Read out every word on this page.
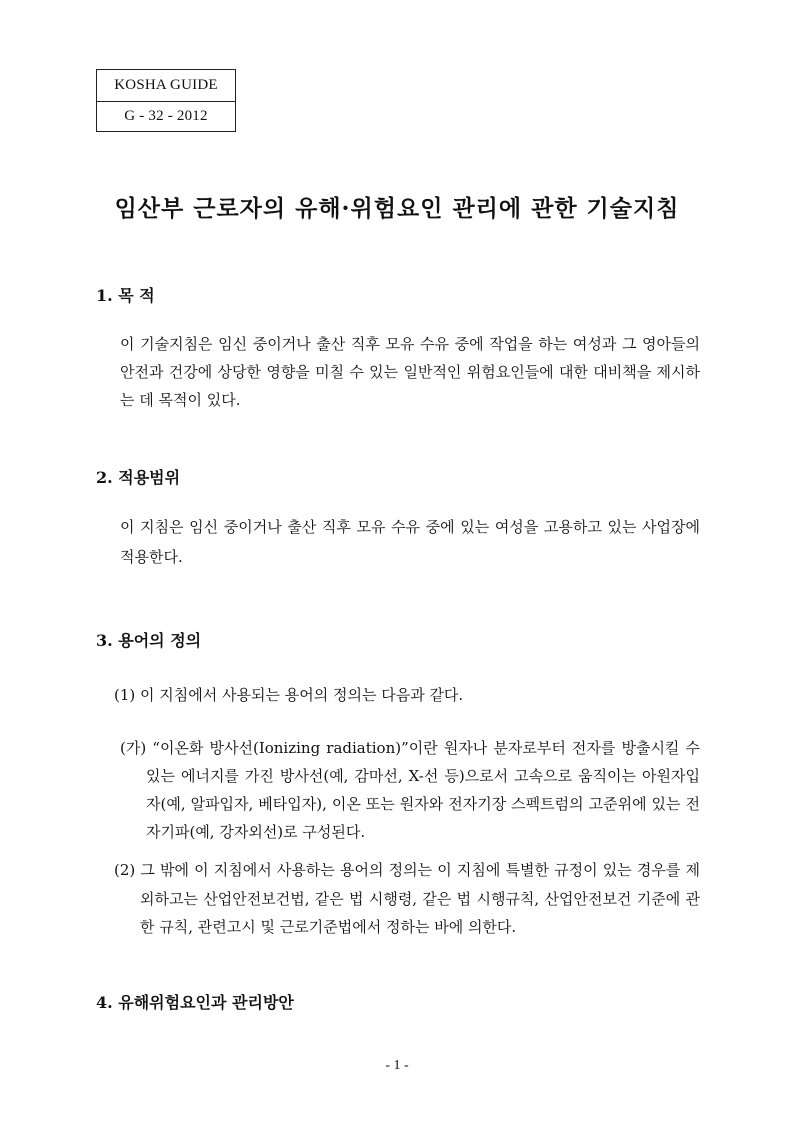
KOSHA GUIDE
G - 32 - 2012
임산부 근로자의 유해·위험요인 관리에 관한 기술지침
1. 목 적

이 기술지침은 임신 중이거나 출산 직후 모유 수유 중에 작업을 하는 여성과 그 영아들의 안전과 건강에 상당한 영향을 미칠 수 있는 일반적인 위험요인들에 대한 대비책을 제시하는 데 목적이 있다.

2. 적용범위

이 지침은 임신 중이거나 출산 직후 모유 수유 중에 있는 여성을 고용하고 있는 사업장에 적용한다.

3. 용어의 정의

(1) 이 지침에서 사용되는 용어의 정의는 다음과 같다.

(가) “이온화 방사선(Ionizing radiation)”이란 원자나 분자로부터 전자를 방출시킬 수 있는 에너지를 가진 방사선(예, 감마선, X-선 등)으로서 고속으로 움직이는 아원자입자(예, 알파입자, 베타입자), 이온 또는 원자와 전자기장 스펙트럼의 고준위에 있는 전자기파(예, 강자외선)로 구성된다.

(2) 그 밖에 이 지침에서 사용하는 용어의 정의는 이 지침에 특별한 규정이 있는 경우를 제외하고는 산업안전보건법, 같은 법 시행령, 같은 법 시행규칙, 산업안전보건 기준에 관한 규칙, 관련고시 및 근로기준법에서 정하는 바에 의한다.

4. 유해위험요인과 관리방안
- 1 -
